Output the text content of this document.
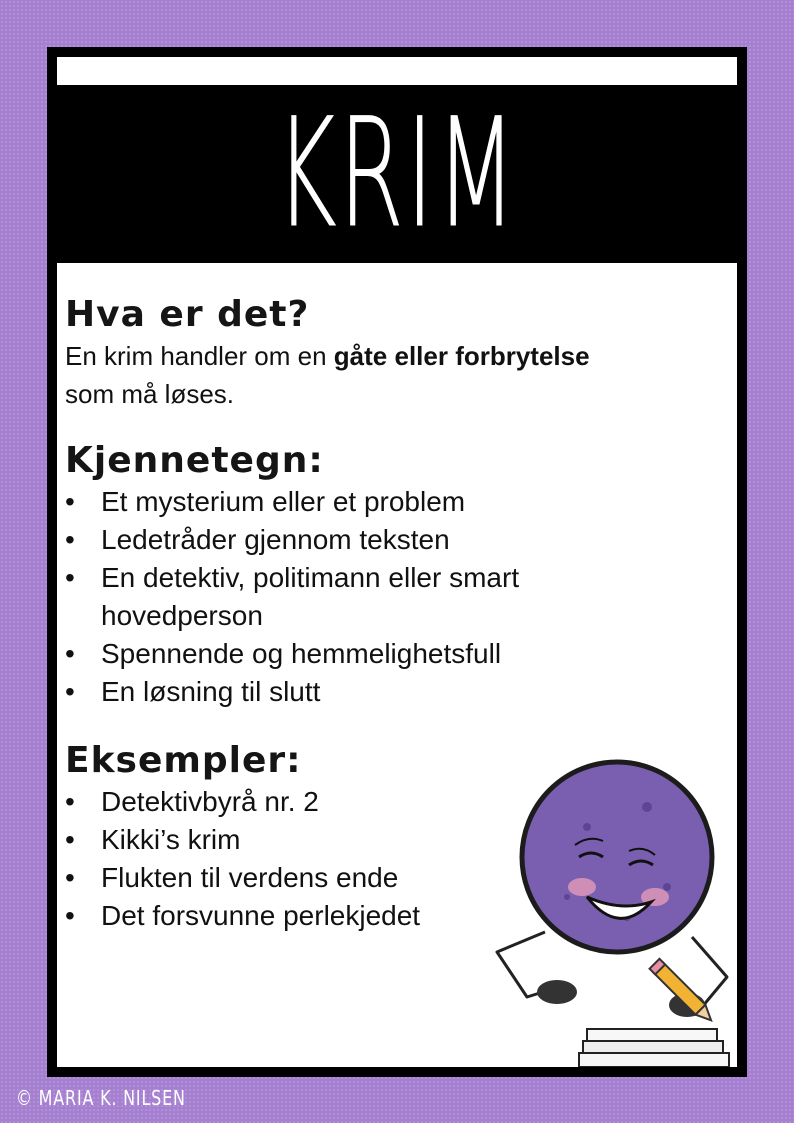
KRIM
Hva er det?

En krim handler om en gåte eller forbrytelse
som må løses.

Kjennetegn:
• Et mysterium eller et problem
• Ledetråder gjennom teksten
• En detektiv, politimann eller smart hovedperson
• Spennende og hemmelighetsfull
• En løsning til slutt
Eksempler:
• Detektivbyrå nr. 2
• Kikki’s krim
• Flukten til verdens ende
• Det forsvunne perlekjedet
© MARIA K. NILSEN
